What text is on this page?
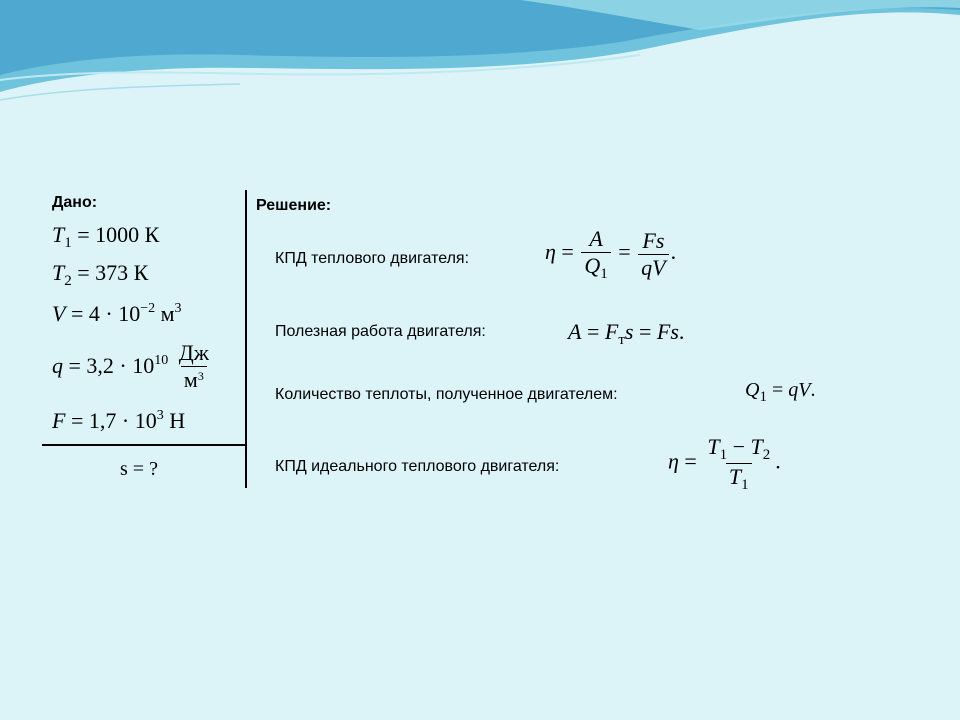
Дано:
$T_1 = 1000$ К
$T_2 = 373$ К
$V = 4 \cdot 10^{-2}$ $м^3$
$q = 3,2 \cdot 10^{10} \frac{Дж}{м^3}$
$F = 1,7 \cdot 10^3$ Н
s = ?
Решение:
КПД теплового двигателя:	$\eta = \frac{A}{Q_1} = \frac{Fs}{qV}$ .
Полезная работа двигателя:	$A = F_тs = Fs$.
Количество теплоты, полученное двигателем:	$Q_1$ = qV.
КПД идеального теплового двигателя:	$\eta = \frac{T_1 - T_2}{T_1}$ .
